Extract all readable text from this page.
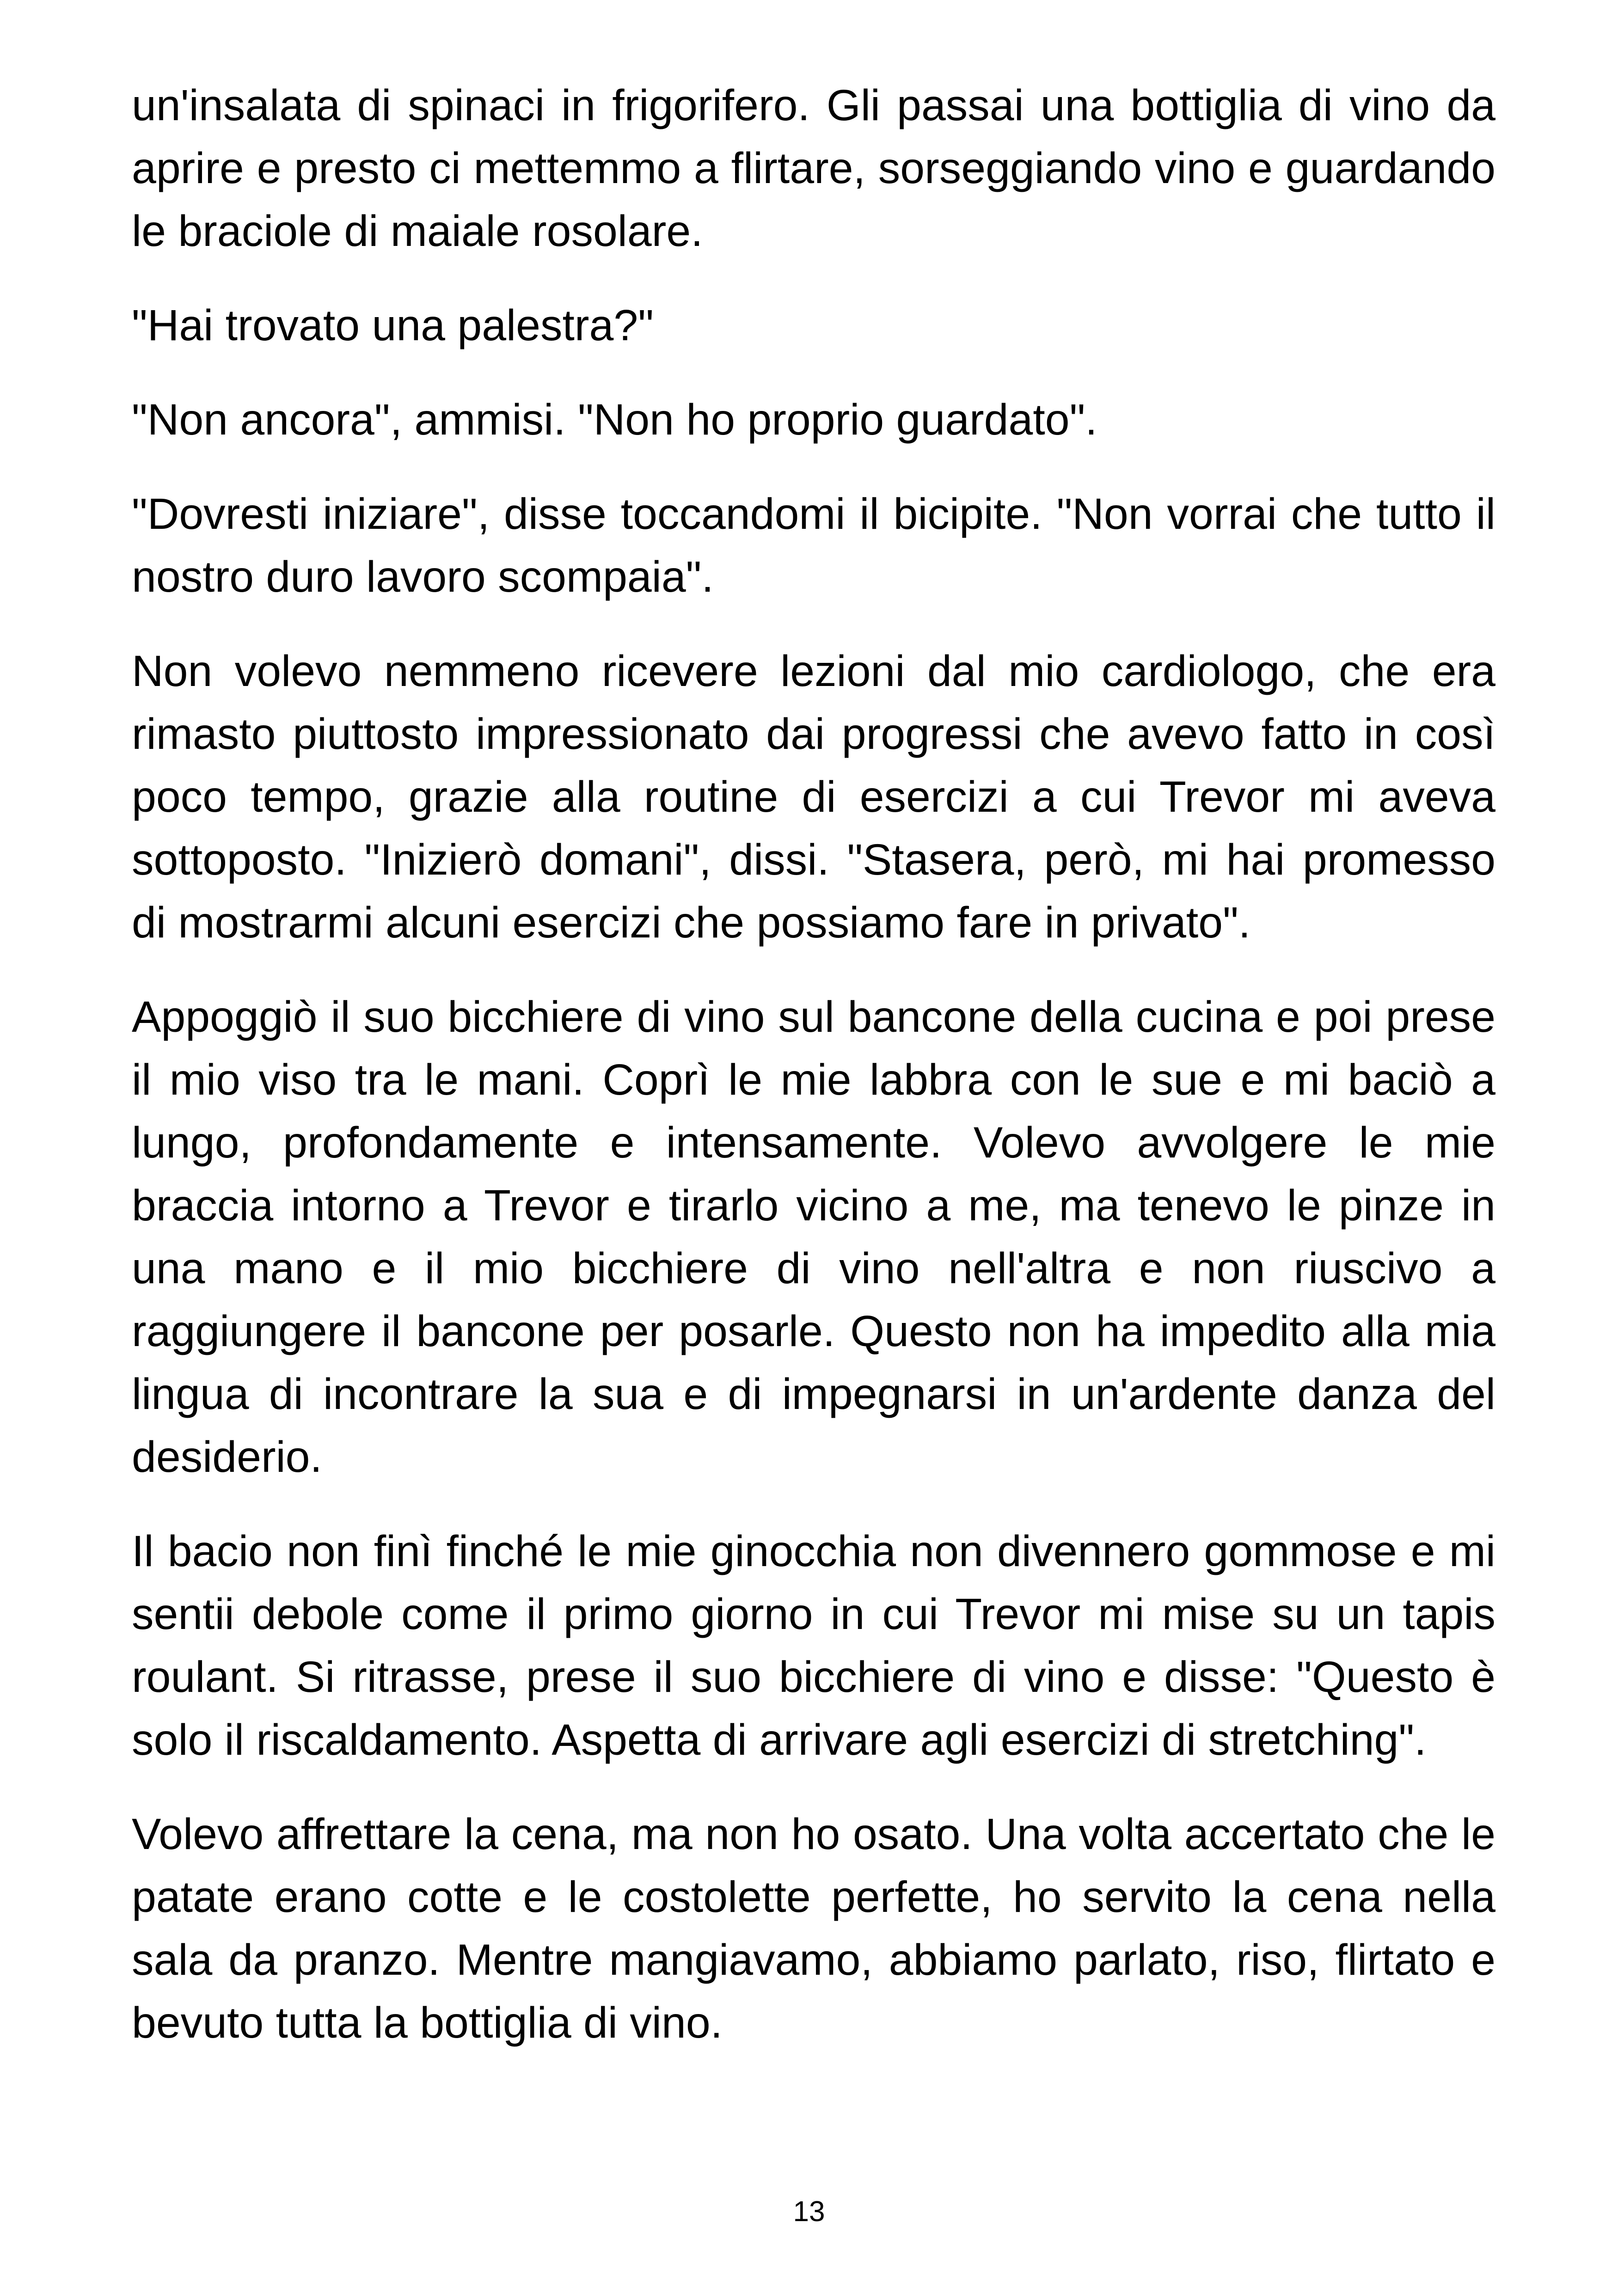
un'insalata di spinaci in frigorifero. Gli passai una bottiglia di vino da aprire e presto ci mettemmo a flirtare, sorseggiando vino e guardando le braciole di maiale rosolare.

"Hai trovato una palestra?"

"Non ancora", ammisi. "Non ho proprio guardato".

"Dovresti iniziare", disse toccandomi il bicipite. "Non vorrai che tutto il nostro duro lavoro scompaia".

Non volevo nemmeno ricevere lezioni dal mio cardiologo, che era rimasto piuttosto impressionato dai progressi che avevo fatto in così poco tempo, grazie alla routine di esercizi a cui Trevor mi aveva sottoposto. "Inizierò domani", dissi. "Stasera, però, mi hai promesso di mostrarmi alcuni esercizi che possiamo fare in privato".

Appoggiò il suo bicchiere di vino sul bancone della cucina e poi prese il mio viso tra le mani. Coprì le mie labbra con le sue e mi baciò a lungo, profondamente e intensamente. Volevo avvolgere le mie braccia intorno a Trevor e tirarlo vicino a me, ma tenevo le pinze in una mano e il mio bicchiere di vino nell'altra e non riuscivo a raggiungere il bancone per posarle. Questo non ha impedito alla mia lingua di incontrare la sua e di impegnarsi in un'ardente danza del desiderio.

Il bacio non finì finché le mie ginocchia non divennero gommose e mi sentii debole come il primo giorno in cui Trevor mi mise su un tapis roulant. Si ritrasse, prese il suo bicchiere di vino e disse: "Questo è solo il riscaldamento. Aspetta di arrivare agli esercizi di stretching".

Volevo affrettare la cena, ma non ho osato. Una volta accertato che le patate erano cotte e le costolette perfette, ho servito la cena nella sala da pranzo. Mentre mangiavamo, abbiamo parlato, riso, flirtato e bevuto tutta la bottiglia di vino.

13
